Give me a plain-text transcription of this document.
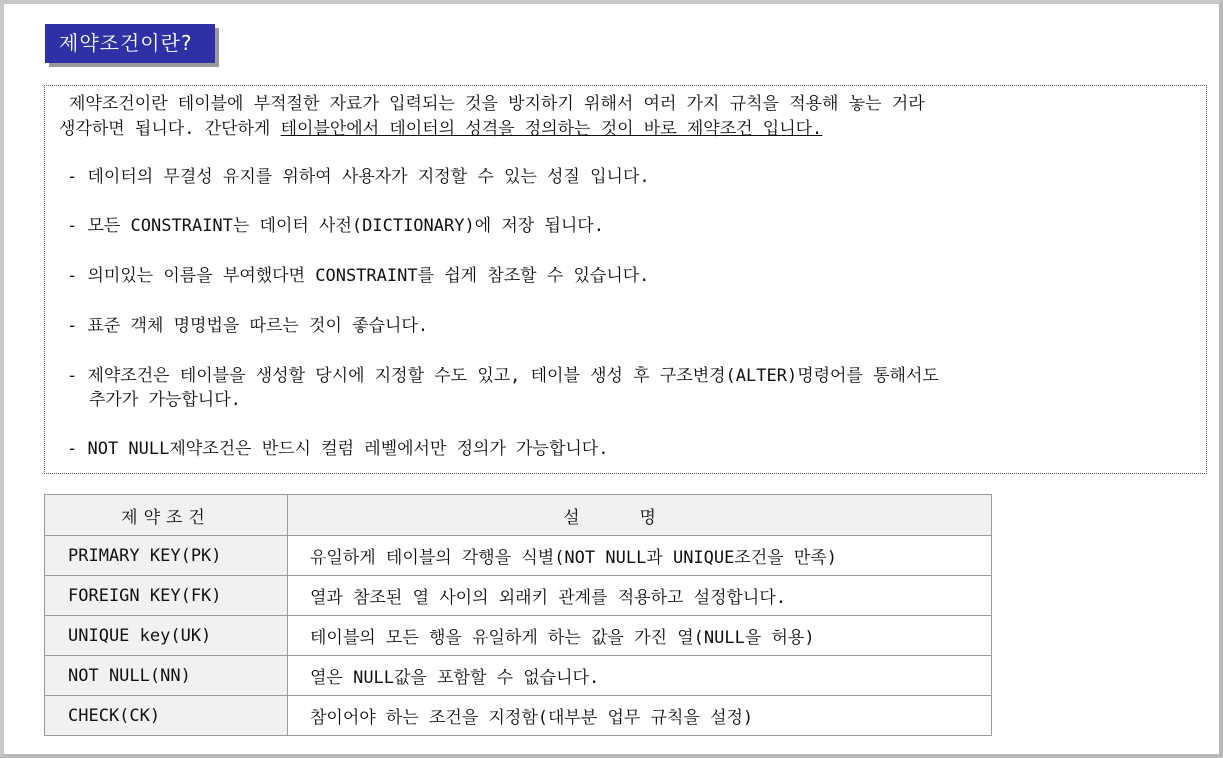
제약조건이란?

제약조건이란 테이블에 부적절한 자료가 입력되는 것을 방지하기 위해서 여러 가지 규칙을 적용해 놓는 거라
생각하면 됩니다. 간단하게 테이블안에서 데이터의 성격을 정의하는 것이 바로 제약조건 입니다.

- 데이터의 무결성 유지를 위하여 사용자가 지정할 수 있는 성질 입니다.

- 모든 CONSTRAINT는 데이터 사전(DICTIONARY)에 저장 됩니다.

- 의미있는 이름을 부여했다면 CONSTRAINT를 쉽게 참조할 수 있습니다.

- 표준 객체 명명법을 따르는 것이 좋습니다.

- 제약조건은 테이블을 생성할 당시에 지정할 수도 있고, 테이블 생성 후 구조변경(ALTER)명령어를 통해서도
추가가 가능합니다.

- NOT NULL제약조건은 반드시 컬럼 레벨에서만 정의가 가능합니다.

제약조건	설명
PRIMARY KEY(PK)	유일하게 테이블의 각행을 식별(NOT NULL과 UNIQUE조건을 만족)
FOREIGN KEY(FK)	열과 참조된 열 사이의 외래키 관계를 적용하고 설정합니다.
UNIQUE key(UK)	테이블의 모든 행을 유일하게 하는 값을 가진 열(NULL을 허용)
NOT NULL(NN)	열은 NULL값을 포함할 수 없습니다.
CHECK(CK)	참이어야 하는 조건을 지정함(대부분 업무 규칙을 설정)
